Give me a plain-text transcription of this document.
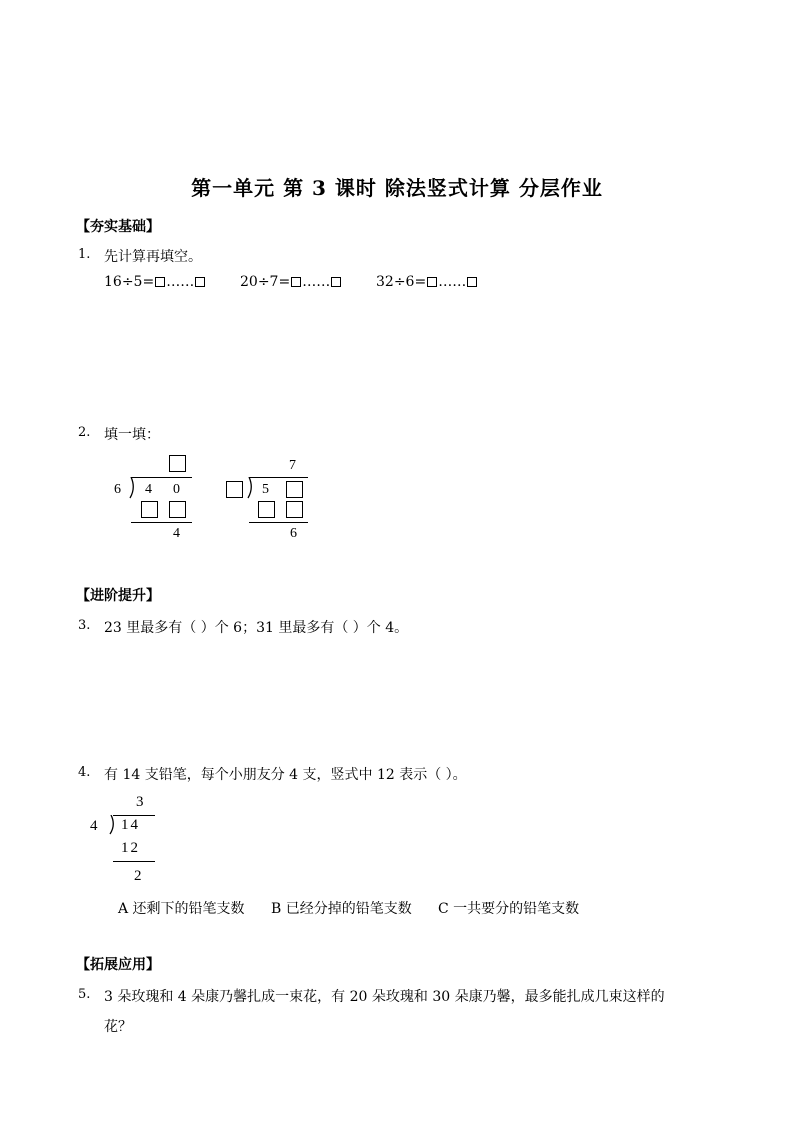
第一单元 第 3 课时 除法竖式计算 分层作业
【夯实基础】
1. 先计算再填空。
16÷5= ……	20÷7= ……	32÷6= ……
2. 填一填：
6 4 0
4
7
5
6
【进阶提升】
3. 23 里最多有（ ）个 6；31 里最多有（ ）个 4。
4. 有 14 支铅笔，每个小朋友分 4 支，竖式中 12 表示（ ）。
3
4 14
12
2
A 还剩下的铅笔支数 B 已经分掉的铅笔支数 C 一共要分的铅笔支数
【拓展应用】
5. 3 朵玫瑰和 4 朵康乃馨扎成一束花，有 20 朵玫瑰和 30 朵康乃馨，最多能扎成几束这样的
花？
